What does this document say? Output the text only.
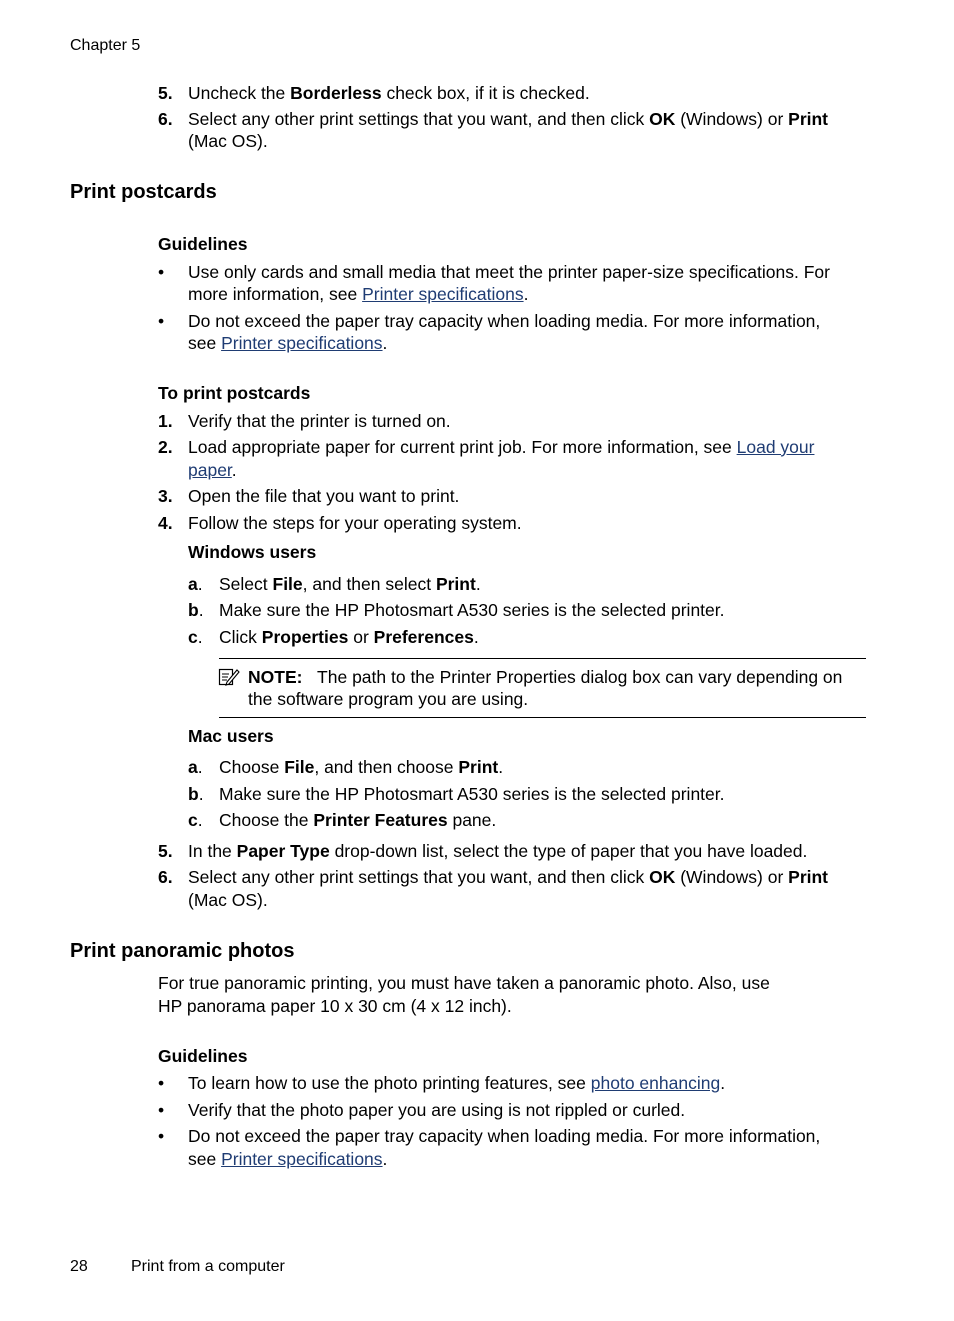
Chapter 5
5. Uncheck the Borderless check box, if it is checked.
6. Select any other print settings that you want, and then click OK (Windows) or Print
(Mac OS).
Print postcards
Guidelines
• Use only cards and small media that meet the printer paper-size specifications. For
more information, see Printer specifications.
• Do not exceed the paper tray capacity when loading media. For more information,
see Printer specifications.
To print postcards
1. Verify that the printer is turned on.
2. Load appropriate paper for current print job. For more information, see Load your
paper.
3. Open the file that you want to print.
4. Follow the steps for your operating system.
Windows users
a. Select File, and then select Print.
b. Make sure the HP Photosmart A530 series is the selected printer.
c. Click Properties or Preferences.
NOTE: The path to the Printer Properties dialog box can vary depending on
the software program you are using.
Mac users
a. Choose File, and then choose Print.
b. Make sure the HP Photosmart A530 series is the selected printer.
c. Choose the Printer Features pane.
5. In the Paper Type drop-down list, select the type of paper that you have loaded.
6. Select any other print settings that you want, and then click OK (Windows) or Print
(Mac OS).
Print panoramic photos
For true panoramic printing, you must have taken a panoramic photo. Also, use
HP panorama paper 10 x 30 cm (4 x 12 inch).
Guidelines
• To learn how to use the photo printing features, see photo enhancing.
• Verify that the photo paper you are using is not rippled or curled.
• Do not exceed the paper tray capacity when loading media. For more information,
see Printer specifications.
28	Print from a computer
